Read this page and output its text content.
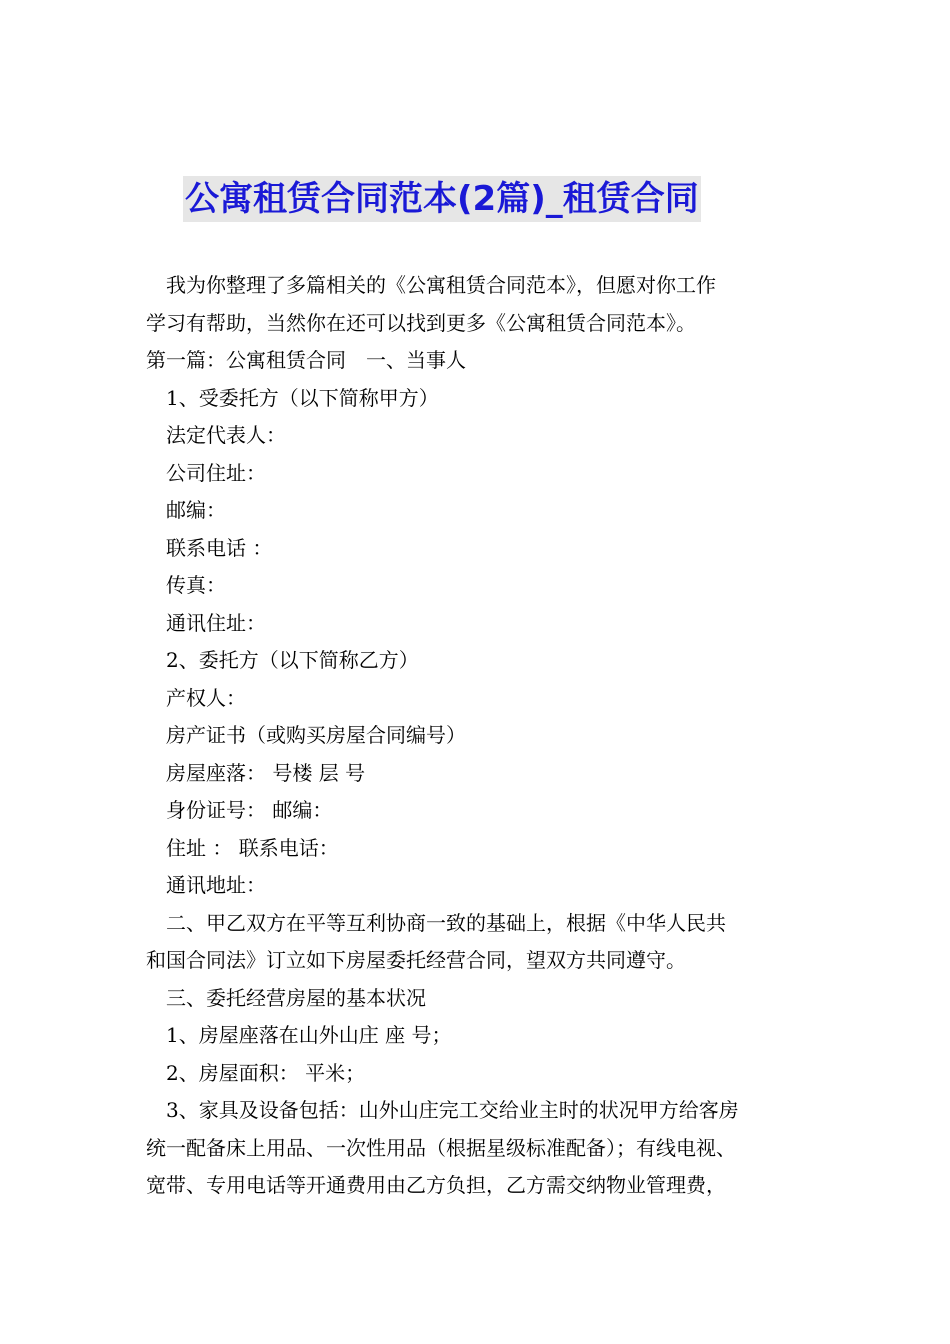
公寓租赁合同范本(2篇)_租赁合同

我为你整理了多篇相关的《公寓租赁合同范本》，但愿对你工作

学习有帮助，当然你在还可以找到更多《公寓租赁合同范本》。

第一篇：公寓租赁合同　一、当事人

1、受委托方（以下简称甲方）

法定代表人：

公司住址：

邮编：

联系电话 ：

传真：

通讯住址：

2、委托方（以下简称乙方）

产权人：

房产证书（或购买房屋合同编号）

房屋座落： 号楼 层 号

身份证号： 邮编：

住址 ： 联系电话：

通讯地址：

二、甲乙双方在平等互利协商一致的基础上，根据《中华人民共

和国合同法》订立如下房屋委托经营合同，望双方共同遵守。

三、委托经营房屋的基本状况

1、房屋座落在山外山庄 座 号；

2、房屋面积： 平米；

3、家具及设备包括：山外山庄完工交给业主时的状况甲方给客房

统一配备床上用品、一次性用品（根据星级标准配备）；有线电视、

宽带、专用电话等开通费用由乙方负担，乙方需交纳物业管理费，
